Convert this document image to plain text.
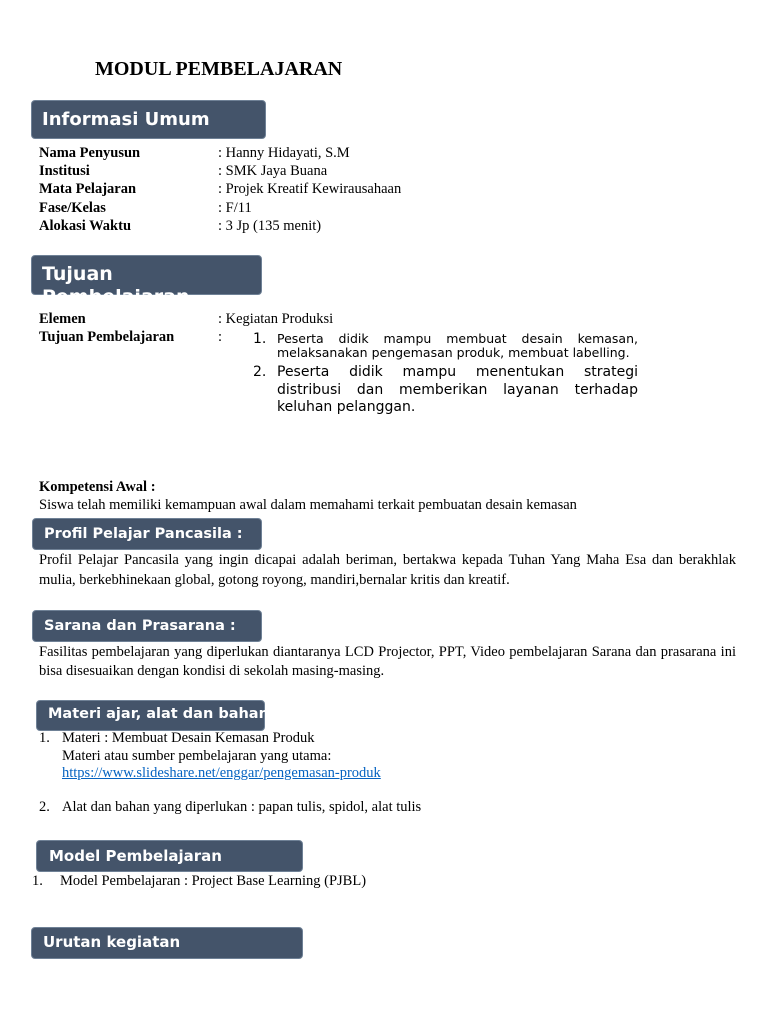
MODUL PEMBELAJARAN
Informasi Umum
Nama Penyusun	: Hanny Hidayati, S.M
Institusi	: SMK Jaya Buana
Mata Pelajaran	: Projek Kreatif Kewirausahaan
Fase/Kelas	: F/11
Alokasi Waktu	: 3 Jp (135 menit)
Tujuan Pembelajaran
Elemen	: Kegiatan Produksi
Tujuan Pembelajaran	: 1. Peserta didik mampu membuat desain kemasan, melaksanakan pengemasan produk, membuat labelling.
2. Peserta didik mampu menentukan strategi distribusi dan memberikan layanan terhadap keluhan pelanggan.
Kompetensi Awal :
Siswa telah memiliki kemampuan awal dalam memahami terkait pembuatan desain kemasan
Profil Pelajar Pancasila :
Profil Pelajar Pancasila yang ingin dicapai adalah beriman, bertakwa kepada Tuhan Yang Maha Esa dan berakhlak mulia, berkebhinekaan global, gotong royong, mandiri,bernalar kritis dan kreatif.
Sarana dan Prasarana :
Fasilitas pembelajaran yang diperlukan diantaranya LCD Projector, PPT, Video pembelajaran Sarana dan prasarana ini bisa disesuaikan dengan kondisi di sekolah masing-masing.
Materi ajar, alat dan bahan
1. Materi : Membuat Desain Kemasan Produk
Materi atau sumber pembelajaran yang utama:
https://www.slideshare.net/enggar/pengemasan-produk
2. Alat dan bahan yang diperlukan : papan tulis, spidol, alat tulis
Model Pembelajaran
1. Model Pembelajaran : Project Base Learning (PJBL)
Urutan kegiatan
